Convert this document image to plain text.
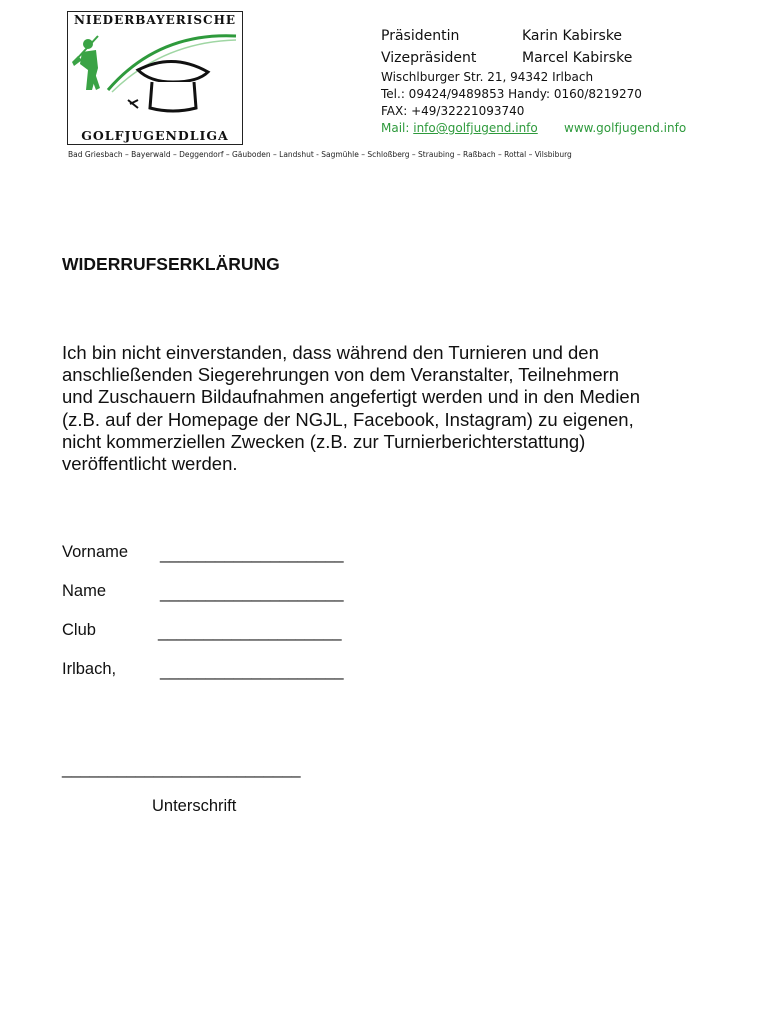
NIEDERBAYERISCHE
GOLFJUGENDLIGA
Präsidentin	Karin Kabirske
Vizepräsident	Marcel Kabirske
Wischlburger Str. 21, 94342 Irlbach
Tel.: 09424/9489853 Handy: 0160/8219270
FAX: +49/32221093740
Mail: info@golfjugend.info www.golfjugend.info
Bad Griesbach – Bayerwald – Deggendorf – Gäuboden – Landshut - Sagmühle – Schloßberg – Straubing – Raßbach – Rottal – Vilsbiburg
WIDERRUFSERKLÄRUNG
Ich bin nicht einverstanden, dass während den Turnieren und den
anschließenden Siegerehrungen von dem Veranstalter, Teilnehmern
und Zuschauern Bildaufnahmen angefertigt werden und in den Medien
(z.B. auf der Homepage der NGJL, Facebook, Instagram) zu eigenen,
nicht kommerziellen Zwecken (z.B. zur Turnierberichterstattung)
veröffentlicht werden.
Vorname ____________________
Name	____________________
Club	____________________
Irlbach,	____________________
__________________________
Unterschrift
